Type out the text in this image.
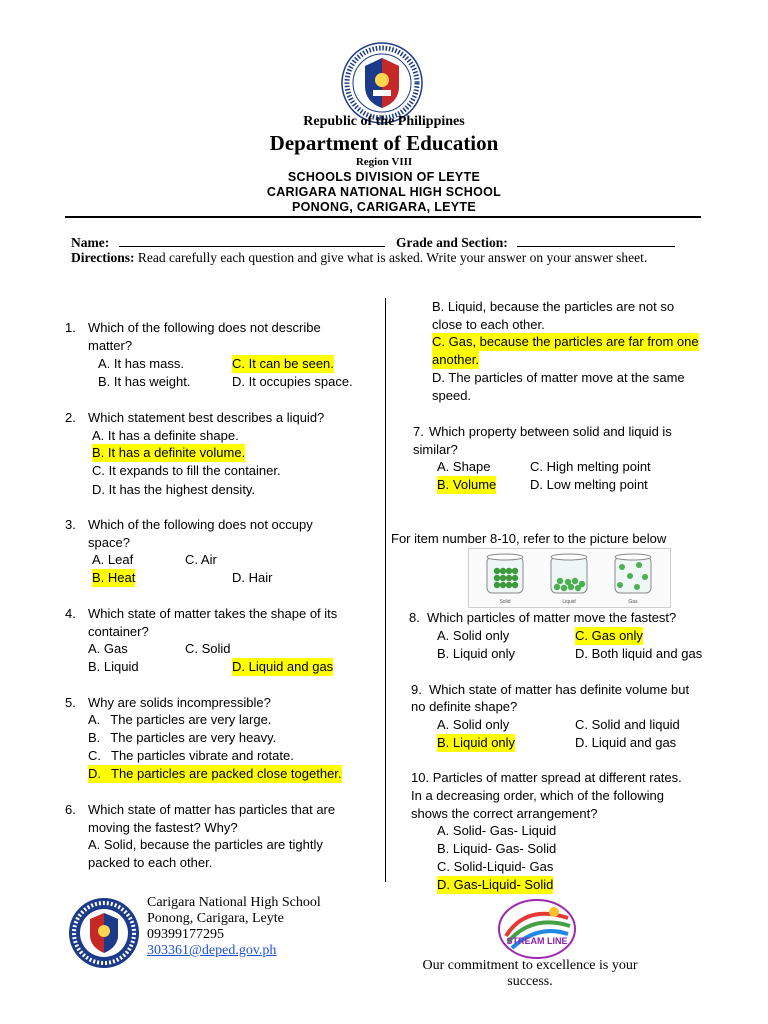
Republic of the Philippines
Department of Education
Region VIII
SCHOOLS DIVISION OF LEYTE
CARIGARA NATIONAL HIGH SCHOOL
PONONG, CARIGARA, LEYTE
Name:	Grade and Section:
Directions: Read carefully each question and give what is asked. Write your answer on your answer sheet.
1. Which of the following does not describe
matter?
A. It has mass.	C. It can be seen.
B. It has weight.	D. It occupies space.
2. Which statement best describes a liquid?
A. It has a definite shape.
B. It has a definite volume.
C. It expands to fill the container.
D. It has the highest density.
3. Which of the following does not occupy
space?
A. Leaf	C. Air
B. Heat	D. Hair
4. Which state of matter takes the shape of its
container?
A. Gas	C. Solid
B. Liquid	D. Liquid and gas
5. Why are solids incompressible?
A. The particles are very large.
B. The particles are very heavy.
C. The particles vibrate and rotate.
D. The particles are packed close together.
6. Which state of matter has particles that are
moving the fastest? Why?
A. Solid, because the particles are tightly
packed to each other.
B. Liquid, because the particles are not so
close to each other.
C. Gas, because the particles are far from one
another.
D. The particles of matter move at the same
speed.
7. Which property between solid and liquid is
similar?
A. Shape	C. High melting point
B. Volume	D. Low melting point
For item number 8-10, refer to the picture below
Solid	Liquid	Gas
8. Which particles of matter move the fastest?
A. Solid only	C. Gas only
B. Liquid only	D. Both liquid and gas
9. Which state of matter has definite volume but
no definite shape?
A. Solid only	C. Solid and liquid
B. Liquid only	D. Liquid and gas
10. Particles of matter spread at different rates.
In a decreasing order, which of the following
shows the correct arrangement?
A. Solid- Gas- Liquid
B. Liquid- Gas- Solid
C. Solid-Liquid- Gas
D. Gas-Liquid- Solid
Carigara National High School
Ponong, Carigara, Leyte
09399177295
303361@deped.gov.ph
STREAM LINE
Our commitment to excellence is your
success.
